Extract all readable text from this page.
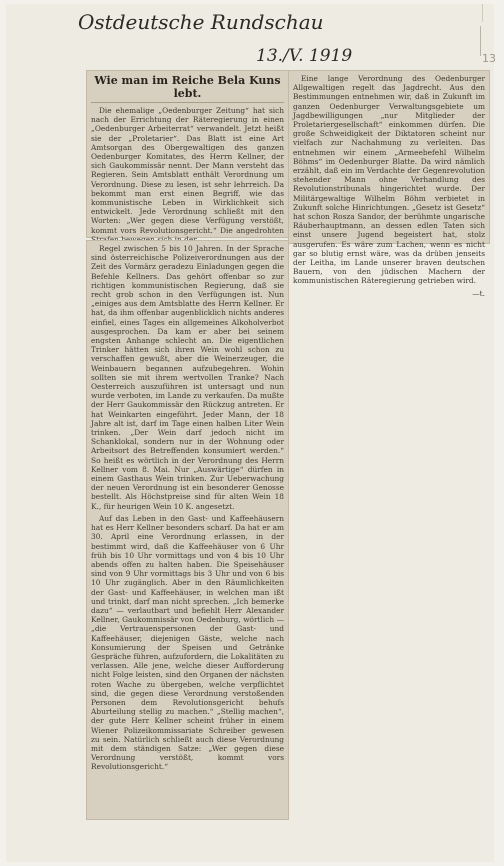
13
Ostdeutsche Rundschau
13./V. 1919
Wie man im Reiche Bela Kuns lebt.

Die ehemalige „Oedenburger Zeitung“ hat sich nach der Errichtung der Räteregierung in einen „Oedenburger Arbeiterrat“ verwandelt. Jetzt heißt sie der „Proletarier“. Das Blatt ist eine Art Amtsorgan des Obergewaltigen des ganzen Oedenburger Komitates, des Herrn Kellner, der sich Gaukommissär nennt. Der Mann versteht das Regieren. Sein Amtsblatt enthält Verordnung um Verordnung. Diese zu lesen, ist sehr lehrreich. Da bekommt man erst einen Begriff, wie das kommunistische Leben in Wirklichkeit sich entwickelt. Jede Verordnung schließt mit den Worten: „Wer gegen diese Verfügung verstößt, kommt vors Revolutionsgericht.“ Die angedrohten

Eine lange Verordnung des Oedenburger Allgewaltigen regelt das Jagdrecht. Aus den Bestimmungen entnehmen wir, daß in Zukunft im ganzen Oedenburger Verwaltungsgebiete um Jagdbewilligungen „nur Mitglieder der Proletariergesellschaft“ einkommen dürfen. Die große Schweidigkeit der Diktatoren scheint nur vielfach zur Nachahmung zu verleiten. Das entnehmen wir einem „Armeebefehl Wilhelm Böhms“ im Oedenburger Blatte. Da wird nämlich erzählt, daß ein im Verdachte der Gegenrevolution stehender Mann ohne Verhandlung des Revolutionstribunals hingerichtet wurde. Der Militärgewaltige Wilhelm Böhm verbietet in Zukunft solche Hinrichtungen. „Gesetz ist Gesetz“ hat schon Rosza Sandor, der berühmte ungarische Räuberhauptmann, an dessen edlen Taten sich einst unsere Jugend begeistert hat, stolz ausgerufen. Es wäre zum Lachen, wenn es nicht gar so blutig ernst wäre, was da drüben jenseits der Leitha, im Lande unserer braven deutschen Bauern, von den jüdischen Machern der kommunistischen Räteregierung getrieben wird.

—t.

Regel zwischen 5 bis 10 Jahren. In der Sprache sind österreichische Polizeiverordnungen aus der Zeit des Vormärz geradezu Einladungen gegen die Befehle Kellners. Das gehört offenbar so zur richtigen kommunistischen Regierung, daß sie recht grob schon in den Verfügungen ist. Nun „einiges aus dem Amtsblatte des Herrn Kellner. Er hat, da ihm offenbar augenblicklich nichts anderes einfiel, eines Tages ein allgemeines Alkoholverbot ausgesprochen. Da kam er aber bei seinem engsten Anhange schlecht an. Die eigentlichen Trinker hätten sich ihren Wein wohl schon zu verschaffen gewußt, aber die Weinerzeuger, die Weinbauern begannen aufzubegehren. Wohin sollten sie mit ihrem wertvollen Tranke? Nach Oesterreich auszuführen ist untersagt und nun wurde verboten, im Lande zu verkaufen. Da mußte der Herr Gaukommissär den Rückzug antreten. Er hat Weinkarten eingeführt. Jeder Mann, der 18 Jahre alt ist, darf im Tage einen halben Liter Wein trinken. „Der Wein darf jedoch nicht im Schanklokal, sondern nur in der Wohnung oder Arbeitsort des Betreffenden konsumiert werden.“ So heißt es wörtlich in der Verordnung des Herrn Kellner vom 8. Mai. Nur „Auswärtige“ dürfen in einem Gasthaus Wein trinken. Zur Ueberwachung der neuen Verordnung ist ein besonderer Genosse bestellt. Als Höchstpreise sind für alten Wein 18 K., für heurigen Wein 10 K. angesetzt.

Auf das Leben in den Gast- und Kaffeehäusern hat es Herr Kellner besonders scharf. Da hat er am 30. April eine Verordnung erlassen, in der bestimmt wird, daß die Kaffeehäuser von 6 Uhr früh bis 10 Uhr vormittags und von 4 bis 10 Uhr abends offen zu halten haben. Die Speisehäuser sind von 9 Uhr vormittags bis 3 Uhr und von 6 bis 10 Uhr zugänglich. Aber in den Räumlichkeiten der Gast- und Kaffeehäuser, in welchen man ißt und trinkt, darf man nicht sprechen. „Ich bemerke dazu“ — verlautbart und befiehlt Herr Alexander Kellner, Gaukommissär von Oedenburg, wörtlich — „die Vertrauenspersonen der Gast- und Kaffeehäuser, diejenigen Gäste, welche nach Konsumierung der Speisen und Getränke Gespräche führen, aufzufordern, die Lokalitäten zu verlassen. Alle jene, welche dieser Aufforderung nicht Folge leisten, sind den Organen der nächsten roten Wache zu übergeben, welche verpflichtet sind, die gegen diese Verordnung verstoßenden Personen dem Revolutionsgericht behufs Aburteilung stellig zu machen.“ „Stellig machen“, der gute Herr Kellner scheint früher in einem Wiener Polizeikommissariate Schreiber gewesen zu sein. Natürlich schließt auch diese Verordnung mit dem ständigen Satze: „Wer gegen diese Verordnung verstößt, kommt vors Revolutionsgericht.“
